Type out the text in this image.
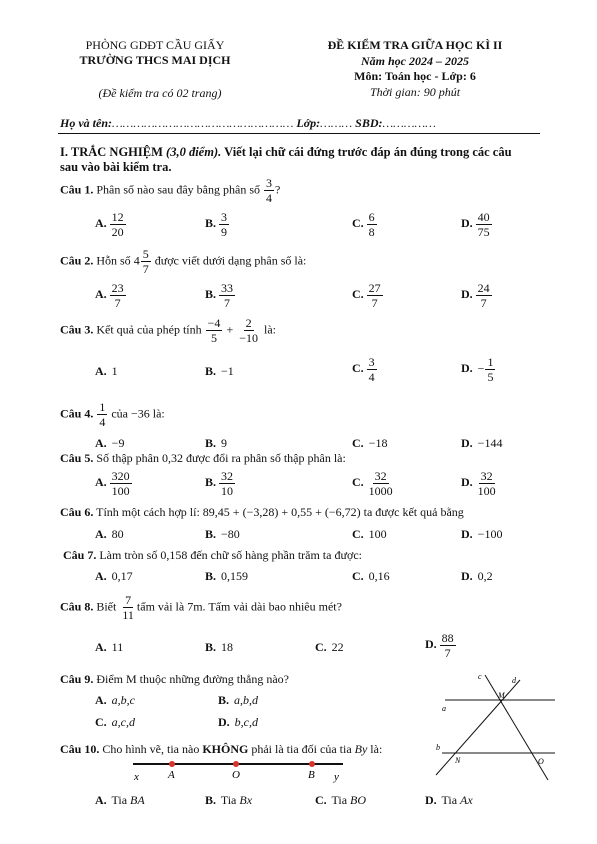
PHÒNG GDĐT CẦU GIẤY
TRƯỜNG THCS MAI DỊCH
(Đề kiểm tra có 02 trang)
ĐỀ KIỂM TRA GIỮA HỌC KÌ II
Năm học 2024 – 2025
Môn: Toán học - Lớp: 6
Thời gian: 90 phút
Họ và tên:…………………………………………… Lớp:……… SBD:……………
I. TRẮC NGHIỆM (3,0 điểm). Viết lại chữ cái đứng trước đáp án đúng trong các câu
sau vào bài kiểm tra.
Câu 1. Phân số nào sau đây bằng phân số $\frac{3}{4}$ ?
A. $\frac{12}{20}$	B. $\frac{3}{9}$	C. $\frac{6}{8}$	D. $\frac{40}{75}$
Câu 2. Hỗn số $4 \frac{5}{7}$ được viết dưới dạng phân số là:
A. $\frac{23}{7}$	B. $\frac{33}{7}$	C. $\frac{27}{7}$	D. $\frac{24}{7}$
Câu 3. Kết quả của phép tính $\frac{-4}{5} + \frac{2}{-10}$ là:
A. 1	B. −1	C. $\frac{3}{4}$	D. − $\frac{1}{5}$
Câu 4. $\frac{1}{4}$ của −36 là:
A. −9	B. 9	C. −18	D. −144
Câu 5. Số thập phân 0,32 được đổi ra phân số thập phân là:
A. $\frac{320}{100}$	B. $\frac{32}{10}$	C. $\frac{32}{1000}$	D. $\frac{32}{100}$
Câu 6. Tính một cách hợp lí: 89,45 + (−3,28) + 0,55 + (−6,72) ta được kết quả bằng
A. 80	B. −80	C. 100	D. −100
Câu 7. Làm tròn số 0,158 đến chữ số hàng phần trăm ta được:
A. 0,17	B. 0,159	C. 0,16	D. 0,2
Câu 8. Biết $\frac{7}{11}$ tấm vải là 7m. Tấm vải dài bao nhiêu mét?
A. 11	B. 18	C. 22	D. $\frac{88}{7}$
Câu 9. Điểm M thuộc những đường thẳng nào?
A. a,b,c	B. a,b,d
C. a,c,d	D. b,c,d
c	d
a
M
b
N	O
Câu 10. Cho hình vẽ, tia nào KHÔNG phải là tia đối của tia By là:
x	A	O	B y
A. Tia BA	B. Tia Bx	C. Tia BO	D. Tia Ax
